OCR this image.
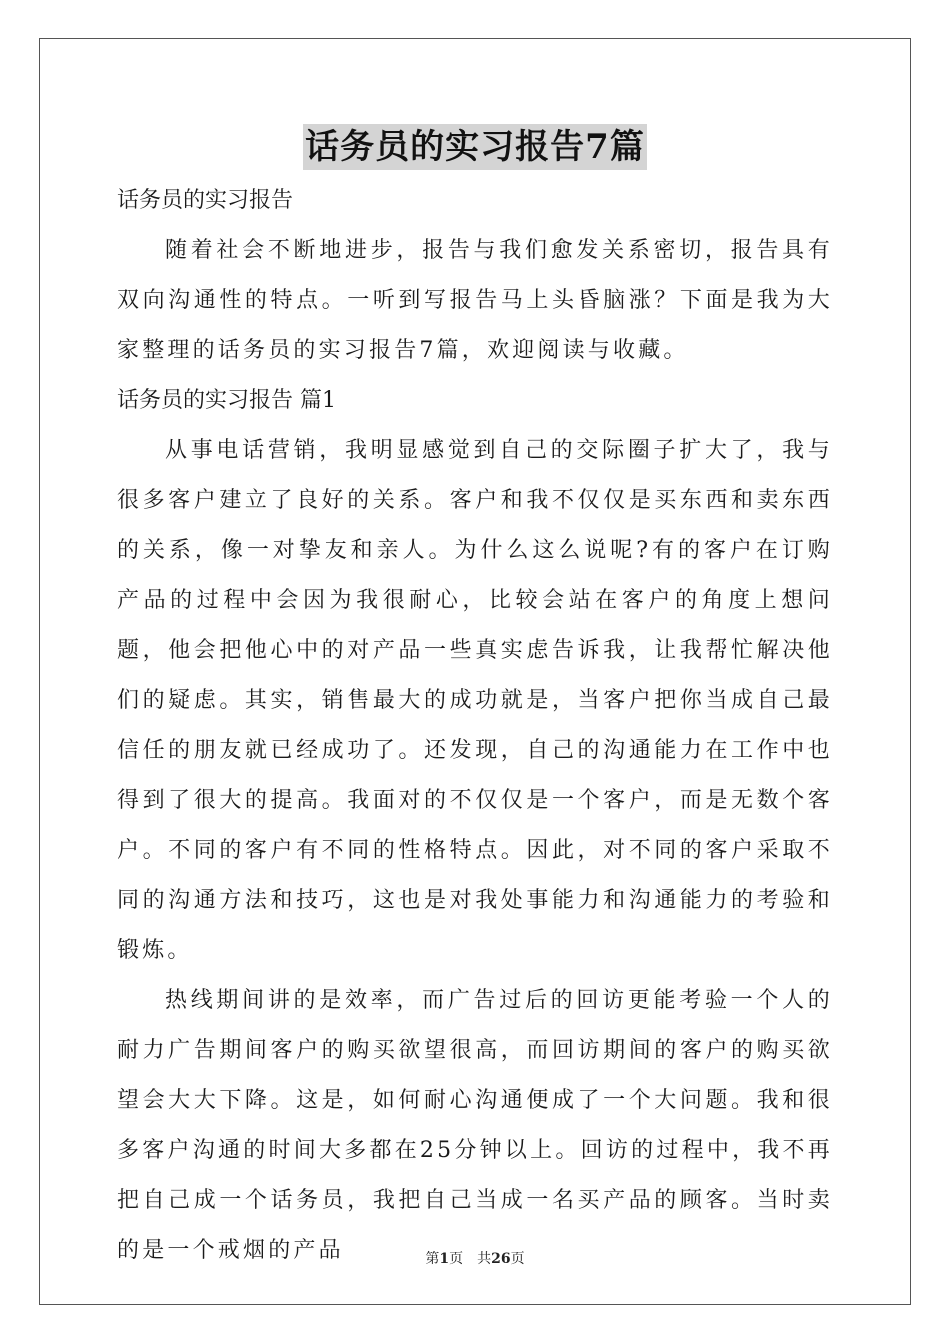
话务员的实习报告7篇
话务员的实习报告
随着社会不断地进步，报告与我们愈发关系密切，报告具有双向沟通性的特点。一听到写报告马上头昏脑涨？下面是我为大家整理的话务员的实习报告7篇，欢迎阅读与收藏。
话务员的实习报告 篇1
从事电话营销，我明显感觉到自己的交际圈子扩大了，我与很多客户建立了良好的关系。客户和我不仅仅是买东西和卖东西的关系，像一对挚友和亲人。为什么这么说呢?有的客户在订购产品的过程中会因为我很耐心，比较会站在客户的角度上想问题，他会把他心中的对产品一些真实虑告诉我，让我帮忙解决他们的疑虑。其实，销售最大的成功就是，当客户把你当成自己最信任的朋友就已经成功了。还发现，自己的沟通能力在工作中也得到了很大的提高。我面对的不仅仅是一个客户，而是无数个客户。不同的客户有不同的性格特点。因此，对不同的客户采取不同的沟通方法和技巧，这也是对我处事能力和沟通能力的考验和锻炼。
热线期间讲的是效率，而广告过后的回访更能考验一个人的耐力广告期间客户的购买欲望很高，而回访期间的客户的购买欲望会大大下降。这是，如何耐心沟通便成了一个大问题。我和很多客户沟通的时间大多都在25分钟以上。回访的过程中，我不再把自己成一个话务员，我把自己当成一名买产品的顾客。当时卖的是一个戒烟的产品	第1页　共26页
